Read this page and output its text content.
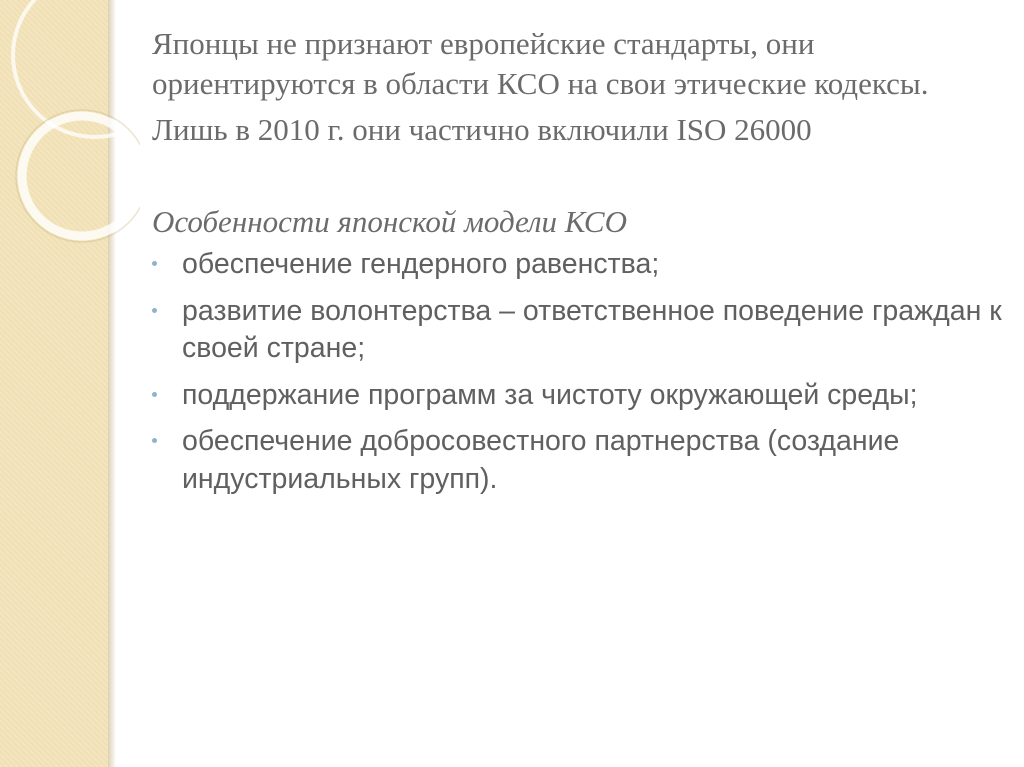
Японцы не признают европейские стандарты, они ориентируются в области КСО на свои этические кодексы.

Лишь в 2010 г. они частично включили ISO 26000

Особенности японской модели КСО

обеспечение гендерного равенства;
развитие волонтерства – ответственное поведение граждан к своей стране;
поддержание программ за чистоту окружающей среды;
обеспечение добросовестного партнерства (создание индустриальных групп).
